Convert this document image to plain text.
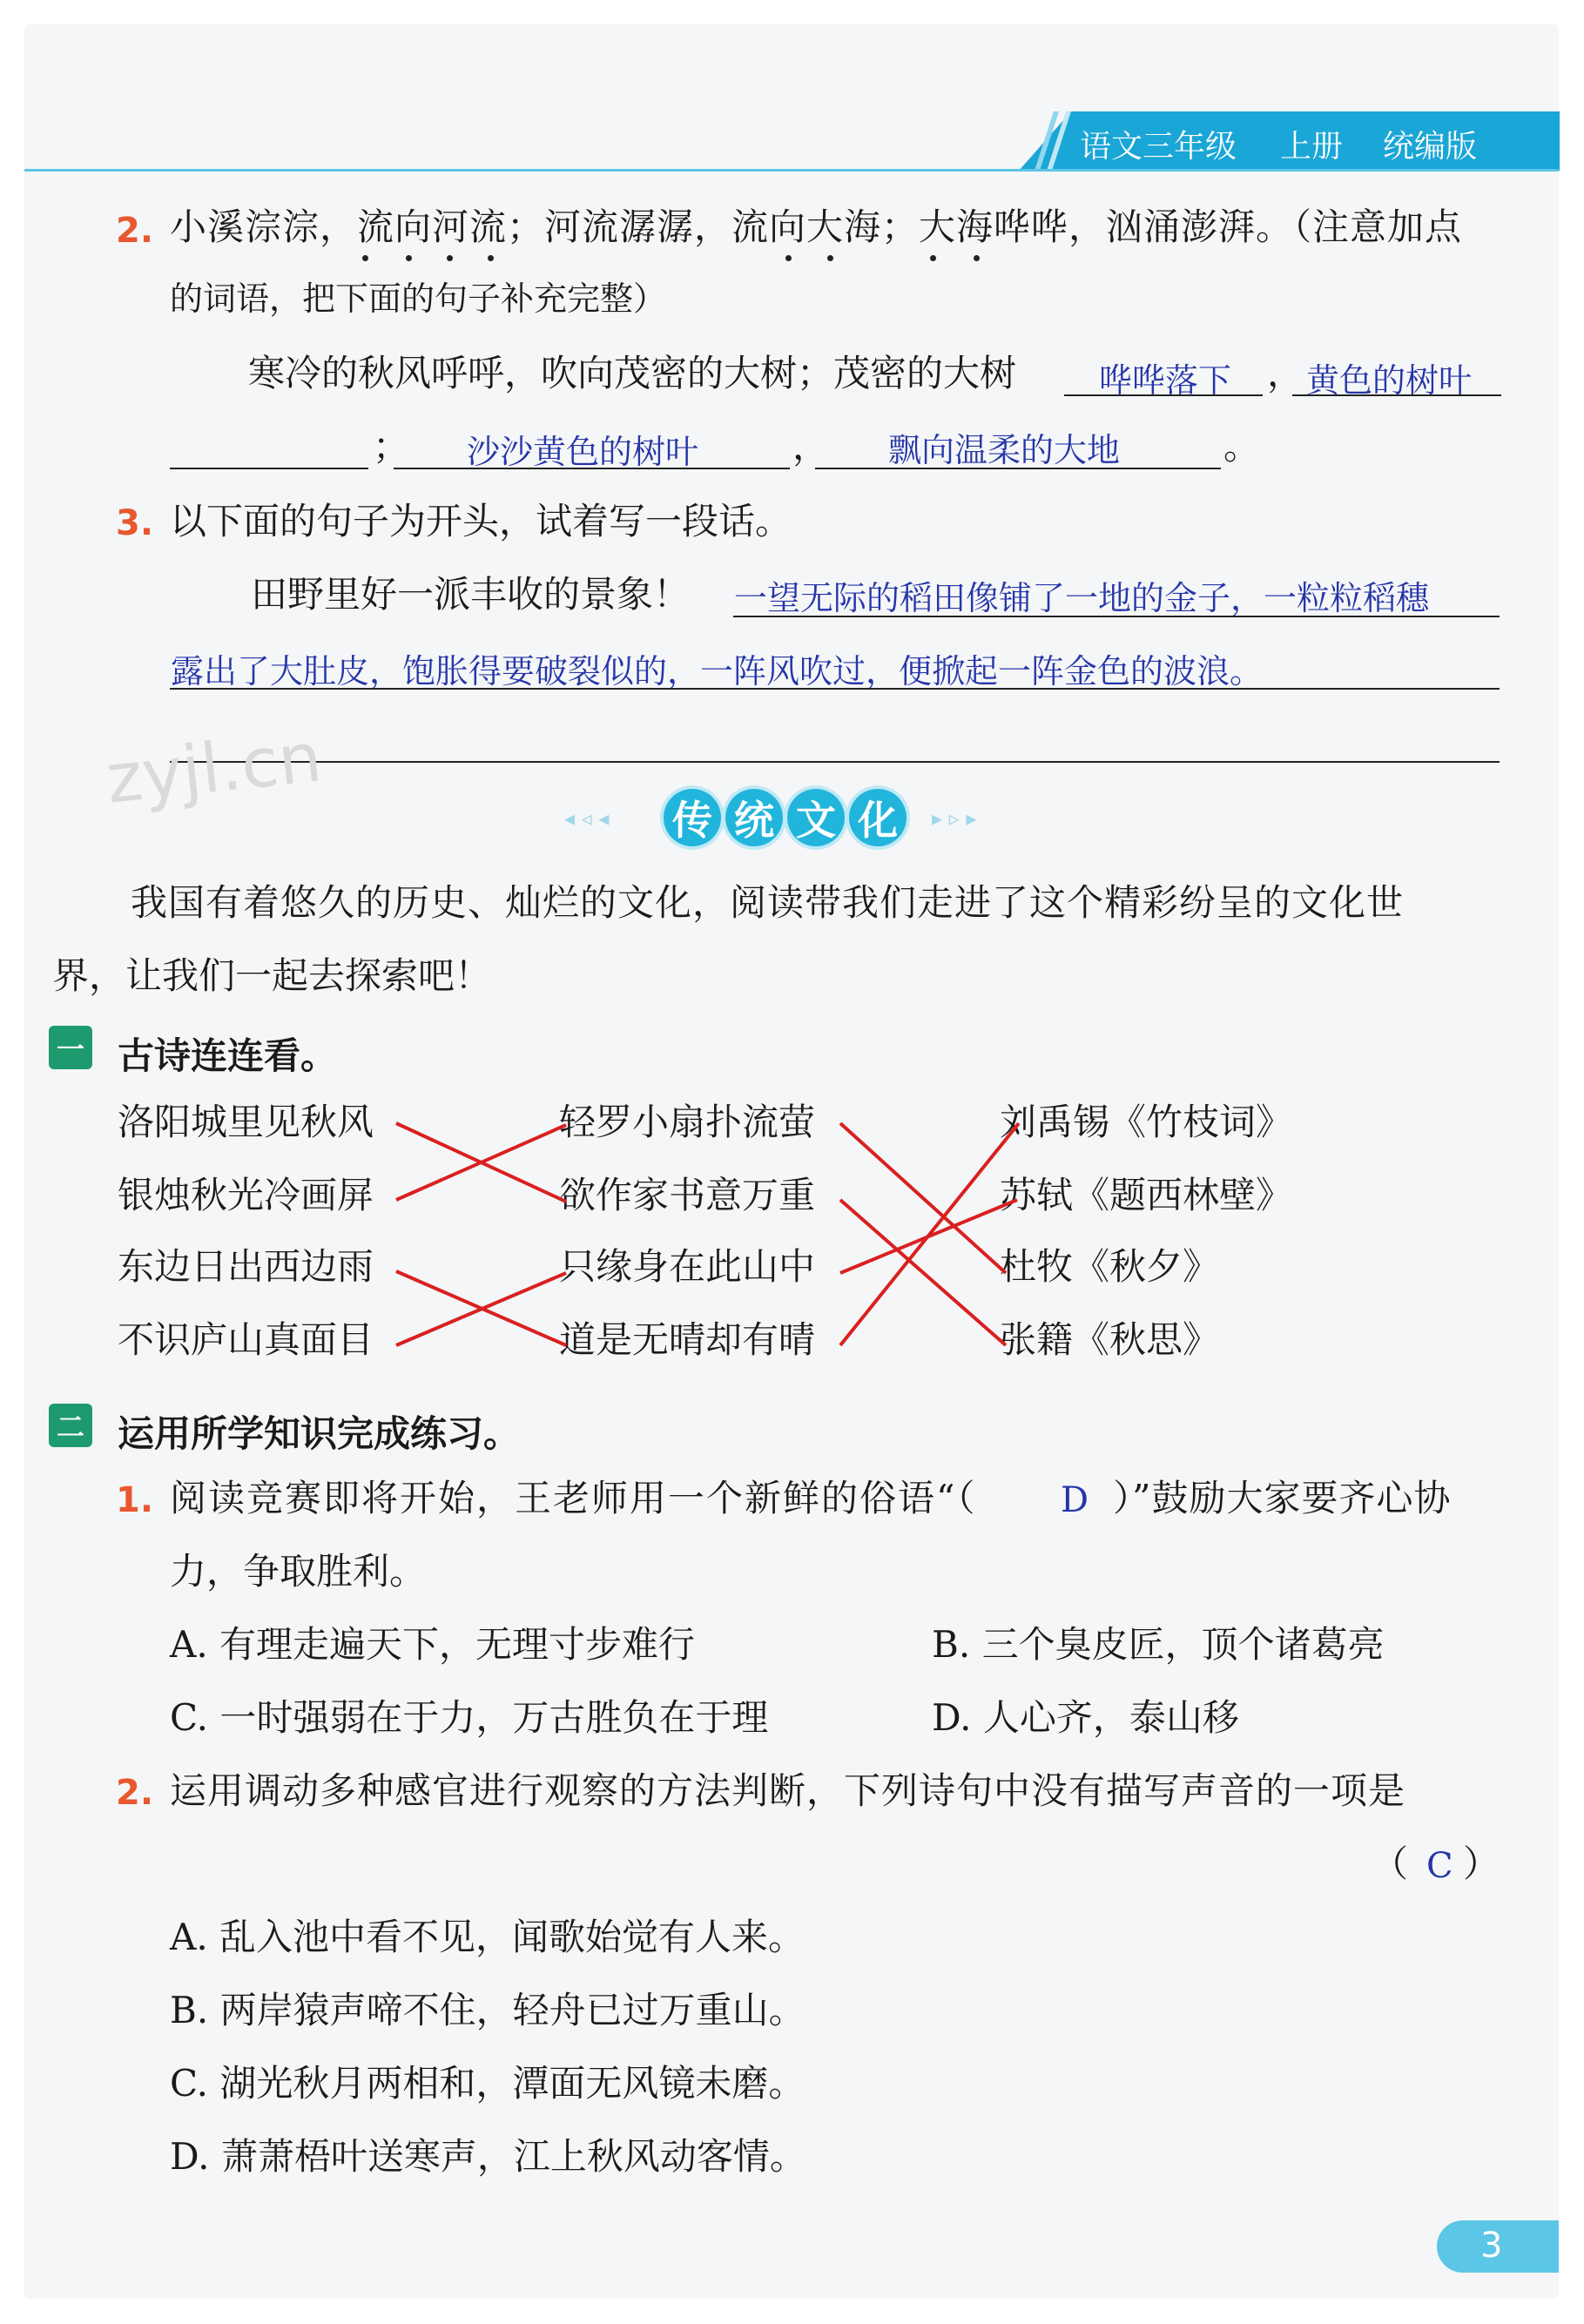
语文三年级 上册 统编版
2. 小溪淙淙，流向河流；河流潺潺，流向大海；大海哗哗，汹涌澎湃。（注意加点
的词语，把下面的句子补充完整）
寒冷的秋风呼呼，吹向茂密的大树；茂密的大树 哗哗落下 ， 黄色的树叶
； 沙沙黄色的树叶	， 飘向温柔的大地	。
3. 以下面的句子为开头，试着写一段话。
田野里好一派丰收的景象！ 一望无际的稻田像铺了一地的金子，一粒粒稻穗
露出了大肚皮，饱胀得要破裂似的，一阵风吹过，便掀起一阵金色的波浪。
zyjl.cn	◂ ◃ ◂ 传 统 文 化	▸ ▹ ▸
我国有着悠久的历史、灿烂的文化，阅读带我们走进了这个精彩纷呈的文化世
界，让我们一起去探索吧！
一 古诗连连看。
洛阳城里见秋风
银烛秋光冷画屏
东边日出西边雨
不识庐山真面目
轻罗小扇扑流萤
欲作家书意万重
只缘身在此山中
道是无晴却有晴
刘禹锡《竹枝词》
苏轼《题西林壁》
杜牧《秋夕》
张籍《秋思》
二 运用所学知识完成练习。
1. 阅读竞赛即将开始，王老师用一个新鲜的俗语“（ D ）”鼓励大家要齐心协
力，争取胜利。
A. 有理走遍天下，无理寸步难行	B. 三个臭皮匠，顶个诸葛亮
C. 一时强弱在于力，万古胜负在于理	D. 人心齐，泰山移
2. 运用调动多种感官进行观察的方法判断，下列诗句中没有描写声音的一项是
（ C ）
A. 乱入池中看不见，闻歌始觉有人来。
B. 两岸猿声啼不住，轻舟已过万重山。
C. 湖光秋月两相和，潭面无风镜未磨。
D. 萧萧梧叶送寒声，江上秋风动客情。
3
